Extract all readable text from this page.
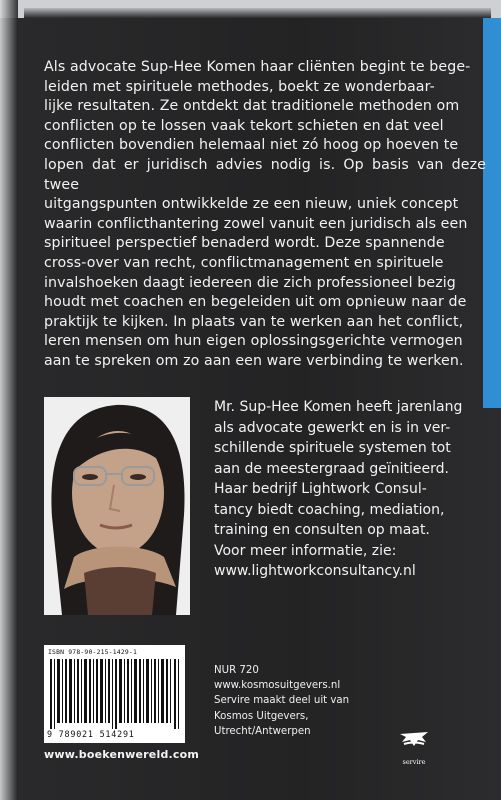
Als advocate Sup-Hee Komen haar cliënten begint te bege-
leiden met spirituele methodes, boekt ze wonderbaar-
lijke resultaten. Ze ontdekt dat traditionele methoden om
conflicten op te lossen vaak tekort schieten en dat veel
conflicten bovendien helemaal niet zó hoog op hoeven te
lopen dat er juridisch advies nodig is. Op basis van deze twee
uitgangspunten ontwikkelde ze een nieuw, uniek concept
waarin conflicthantering zowel vanuit een juridisch als een
spiritueel perspectief benaderd wordt. Deze spannende
cross-over van recht, conflictmanagement en spirituele
invalshoeken daagt iedereen die zich professioneel bezig
houdt met coachen en begeleiden uit om opnieuw naar de
praktijk te kijken. In plaats van te werken aan het conflict,
leren mensen om hun eigen oplossingsgerichte vermogen
aan te spreken om zo aan een ware verbinding te werken.
Mr. Sup-Hee Komen heeft jarenlang
als advocate gewerkt en is in ver-
schillende spirituele systemen tot
aan de meestergraad geïnitieerd.
Haar bedrijf Lightwork Consul-
tancy biedt coaching, mediation,
training en consulten op maat.
Voor meer informatie, zie:
www.lightworkconsultancy.nl
ISBN 978-90-215-1429-1
9 789021 514291
www.boekenwereld.com
NUR 720
www.kosmosuitgevers.nl
Servire maakt deel uit van
Kosmos Uitgevers,
Utrecht/Antwerpen
servire
